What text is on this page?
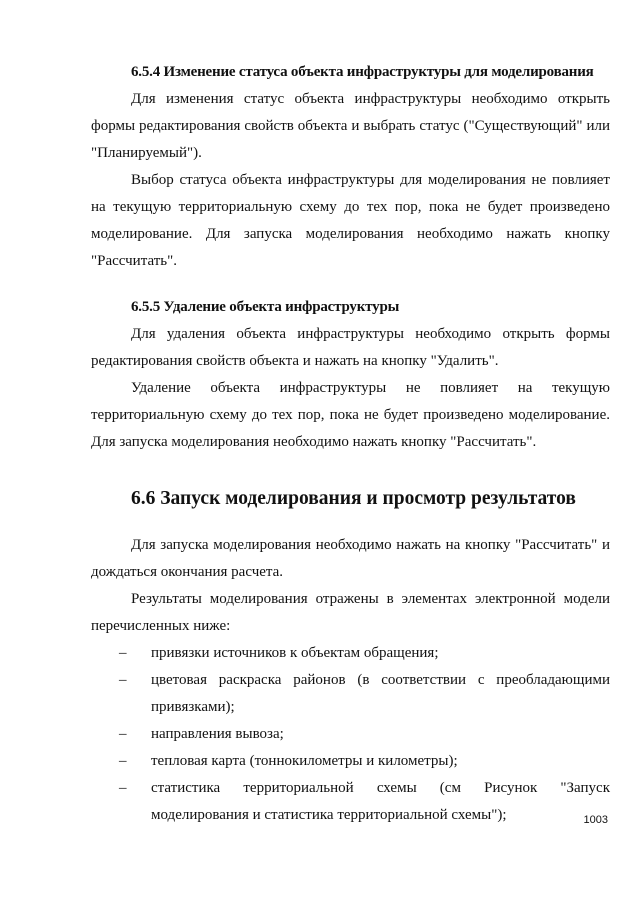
6.5.4 Изменение статуса объекта инфраструктуры для моделирования

Для изменения статус объекта инфраструктуры необходимо открыть формы редактирования свойств объекта и выбрать статус ("Существующий" или "Планируемый").

Выбор статуса объекта инфраструктуры для моделирования не повлияет на текущую территориальную схему до тех пор, пока не будет произведено моделирование. Для запуска моделирования необходимо нажать кнопку "Рассчитать".

6.5.5 Удаление объекта инфраструктуры

Для удаления объекта инфраструктуры необходимо открыть формы редактирования свойств объекта и нажать на кнопку "Удалить".

Удаление объекта инфраструктуры не повлияет на текущую территориальную схему до тех пор, пока не будет произведено моделирование. Для запуска моделирования необходимо нажать кнопку "Рассчитать".

6.6 Запуск моделирования и просмотр результатов

Для запуска моделирования необходимо нажать на кнопку "Рассчитать" и дождаться окончания расчета.

Результаты моделирования отражены в элементах электронной модели перечисленных ниже:

– привязки источников к объектам обращения;
– цветовая раскраска районов (в соответствии с преобладающими привязками);
– направления вывоза;
– тепловая карта (тоннокилометры и километры);
– статистика территориальной схемы (см Рисунок "Запуск моделирования и статистика территориальной схемы");	1003
